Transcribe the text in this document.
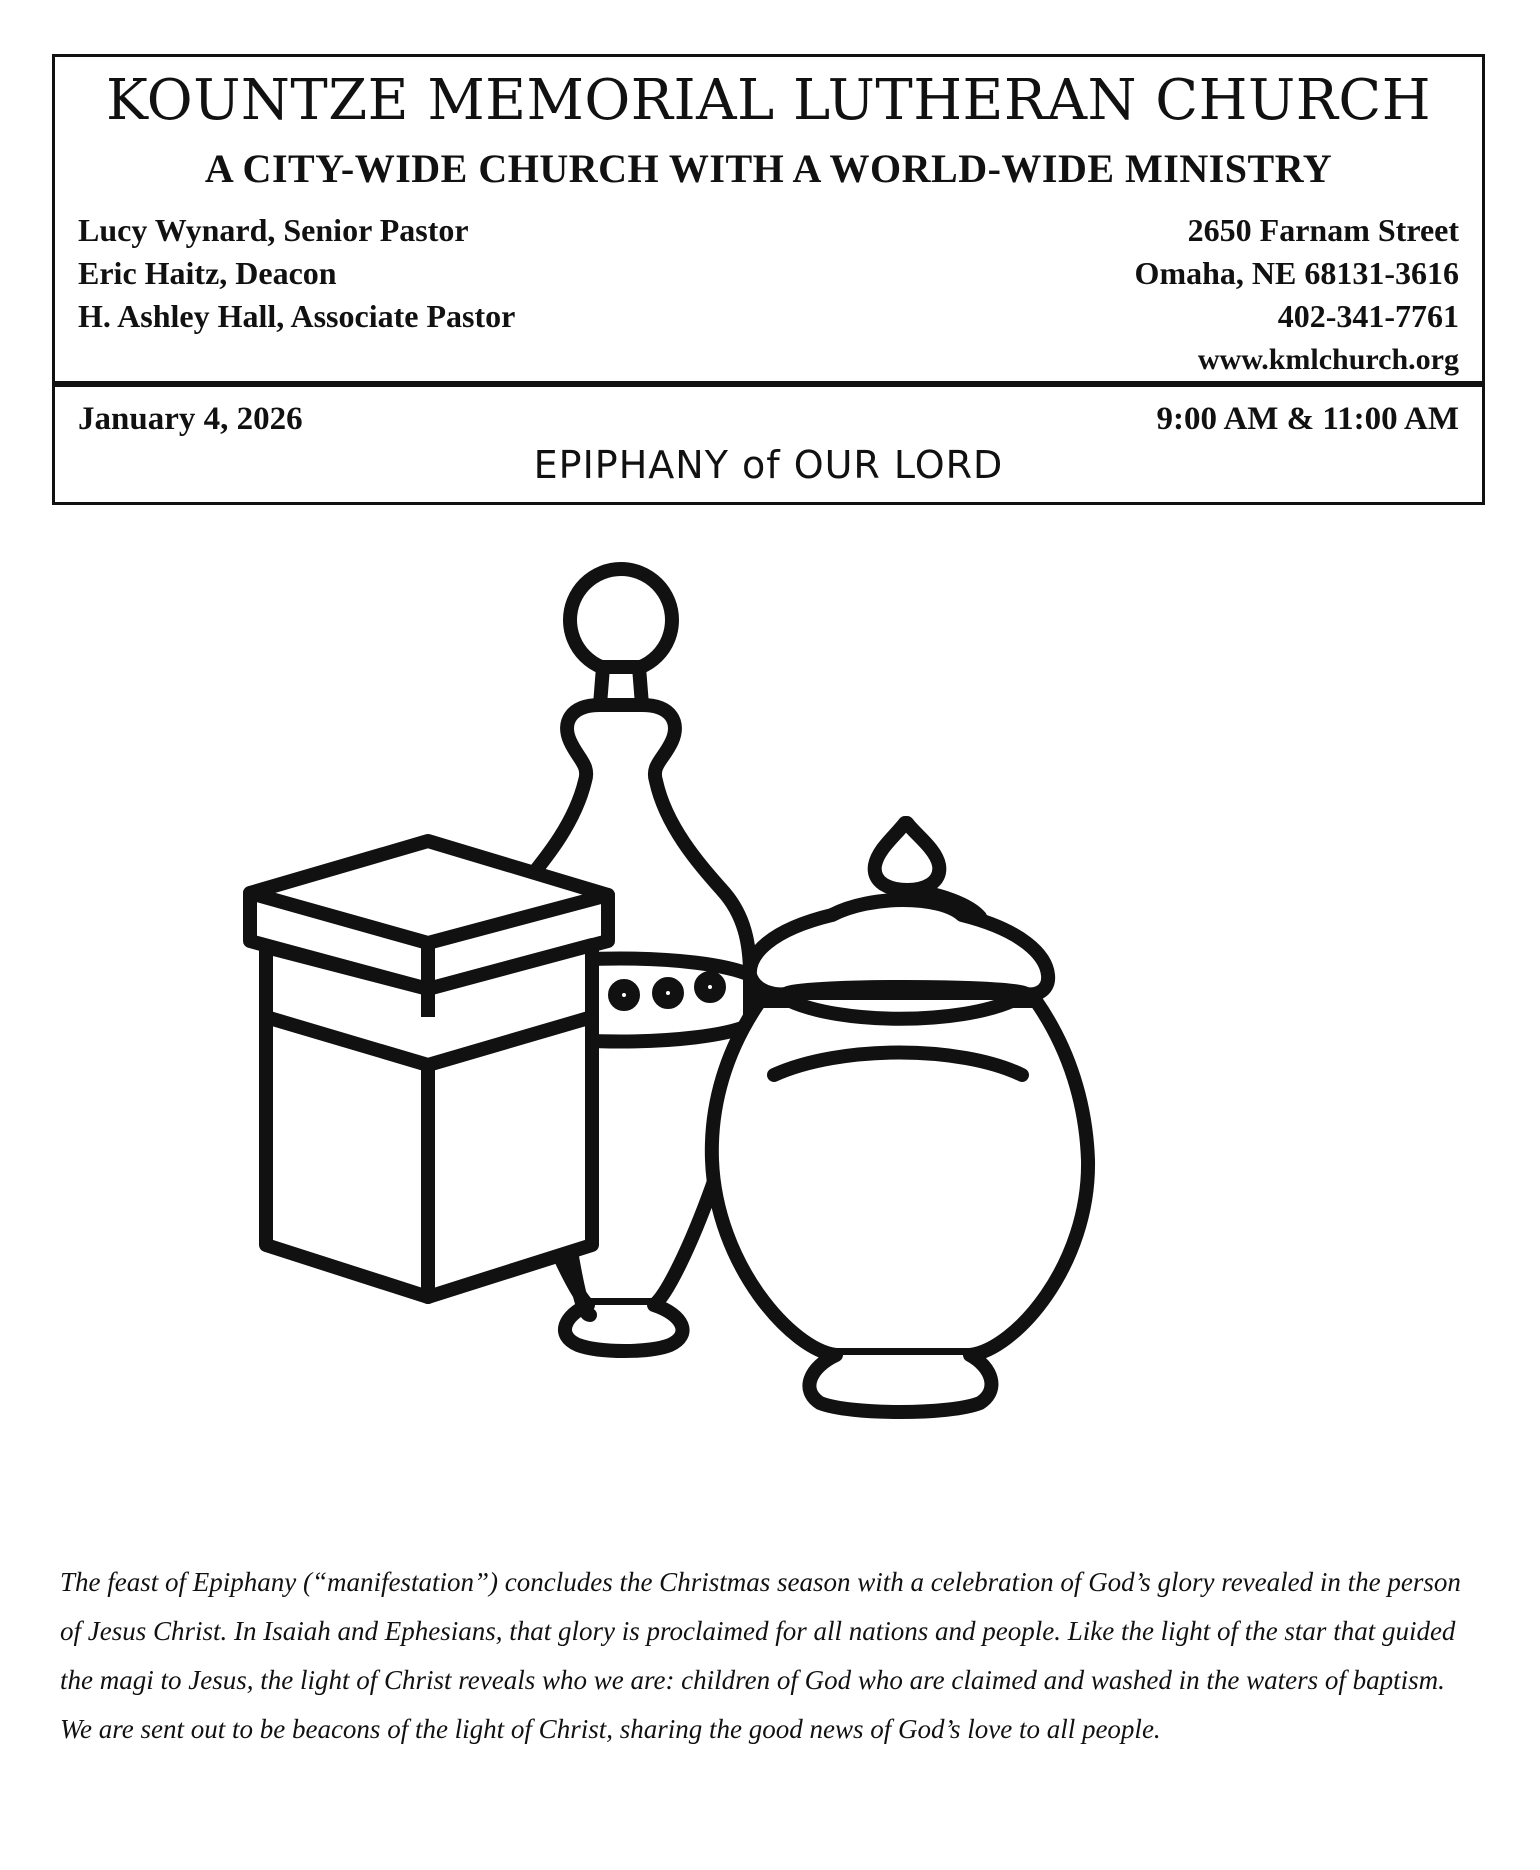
KOUNTZE MEMORIAL LUTHERAN CHURCH
A CITY-WIDE CHURCH WITH A WORLD-WIDE MINISTRY
Lucy Wynard, Senior Pastor
Eric Haitz, Deacon
H. Ashley Hall, Associate Pastor
2650 Farnam Street
Omaha, NE 68131-3616
402-341-7761
www.kmlchurch.org
January 4, 2026	9:00 AM & 11:00 AM
EPIPHANY of OUR LORD

The feast of Epiphany (“manifestation”) concludes the Christmas season with a celebration of God’s glory revealed in the person of Jesus Christ. In Isaiah and Ephesians, that glory is proclaimed for all nations and people. Like the light of the star that guided the magi to Jesus, the light of Christ reveals who we are: children of God who are claimed and washed in the waters of baptism. We are sent out to be beacons of the light of Christ, sharing the good news of God’s love to all people.
